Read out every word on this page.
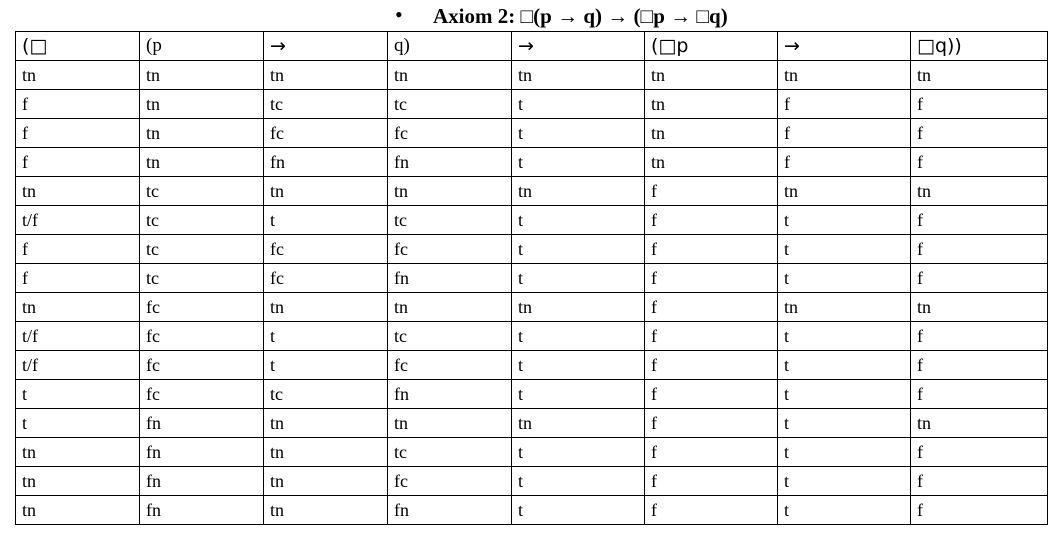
• Axiom 2: □(p → q) → (□p → □q)
(□	(p	→	q)	→	(□p	→	□q))
tn	tn	tn	tn	tn	tn	tn	tn
f	tn	tc	tc	t	tn	f	f
f	tn	fc	fc	t	tn	f	f
f	tn	fn	fn	t	tn	f	f
tn	tc	tn	tn	tn	f	tn	tn
t/f	tc	t	tc	t	f	t	f
f	tc	fc	fc	t	f	t	f
f	tc	fc	fn	t	f	t	f
tn	fc	tn	tn	tn	f	tn	tn
t/f	fc	t	tc	t	f	t	f
t/f	fc	t	fc	t	f	t	f
t	fc	tc	fn	t	f	t	f
t	fn	tn	tn	tn	f	t	tn
tn	fn	tn	tc	t	f	t	f
tn	fn	tn	fc	t	f	t	f
tn	fn	tn	fn	t	f	t	f
